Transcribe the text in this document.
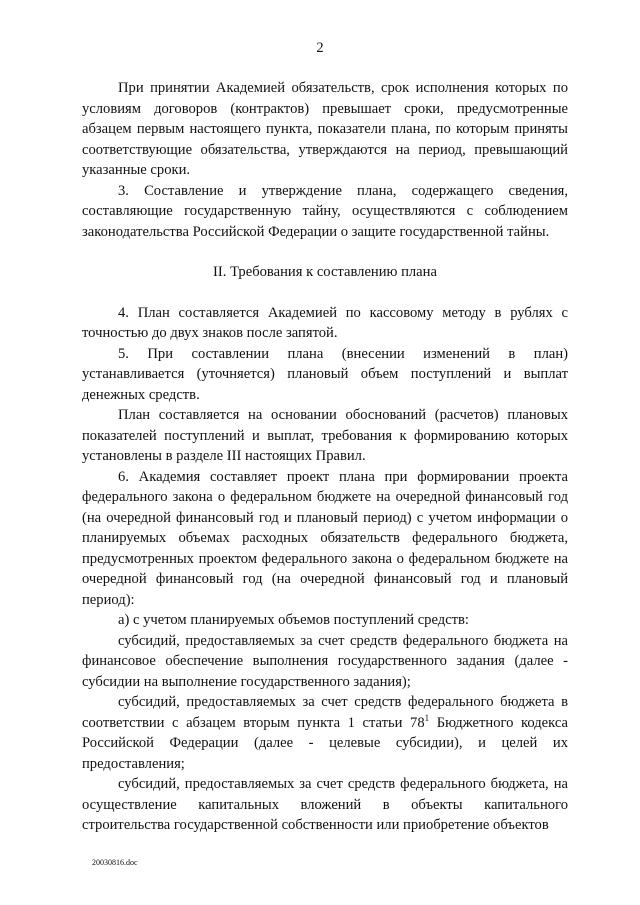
2

При принятии Академией обязательств, срок исполнения которых по условиям договоров (контрактов) превышает сроки, предусмотренные абзацем первым настоящего пункта, показатели плана, по которым приняты соответствующие обязательства, утверждаются на период, превышающий указанные сроки.

3. Составление и утверждение плана, содержащего сведения, составляющие государственную тайну, осуществляются с соблюдением законодательства Российской Федерации о защите государственной тайны.

II. Требования к составлению плана

4. План составляется Академией по кассовому методу в рублях с точностью до двух знаков после запятой.

5. При составлении плана (внесении изменений в план) устанавливается (уточняется) плановый объем поступлений и выплат денежных средств.

План составляется на основании обоснований (расчетов) плановых показателей поступлений и выплат, требования к формированию которых установлены в разделе III настоящих Правил.

6. Академия составляет проект плана при формировании проекта федерального закона о федеральном бюджете на очередной финансовый год (на очередной финансовый год и плановый период) с учетом информации о планируемых объемах расходных обязательств федерального бюджета, предусмотренных проектом федерального закона о федеральном бюджете на очередной финансовый год (на очередной финансовый год и плановый период):

а) с учетом планируемых объемов поступлений средств:

субсидий, предоставляемых за счет средств федерального бюджета на финансовое обеспечение выполнения государственного задания (далее - субсидии на выполнение государственного задания);

субсидий, предоставляемых за счет средств федерального бюджета в соответствии с абзацем вторым пункта 1 статьи $78^1$ Бюджетного кодекса Российской Федерации (далее - целевые субсидии), и целей их предоставления;

субсидий, предоставляемых за счет средств федерального бюджета, на осуществление капитальных вложений в объекты капитального строительства государственной собственности или приобретение объектов

20030816.doc
